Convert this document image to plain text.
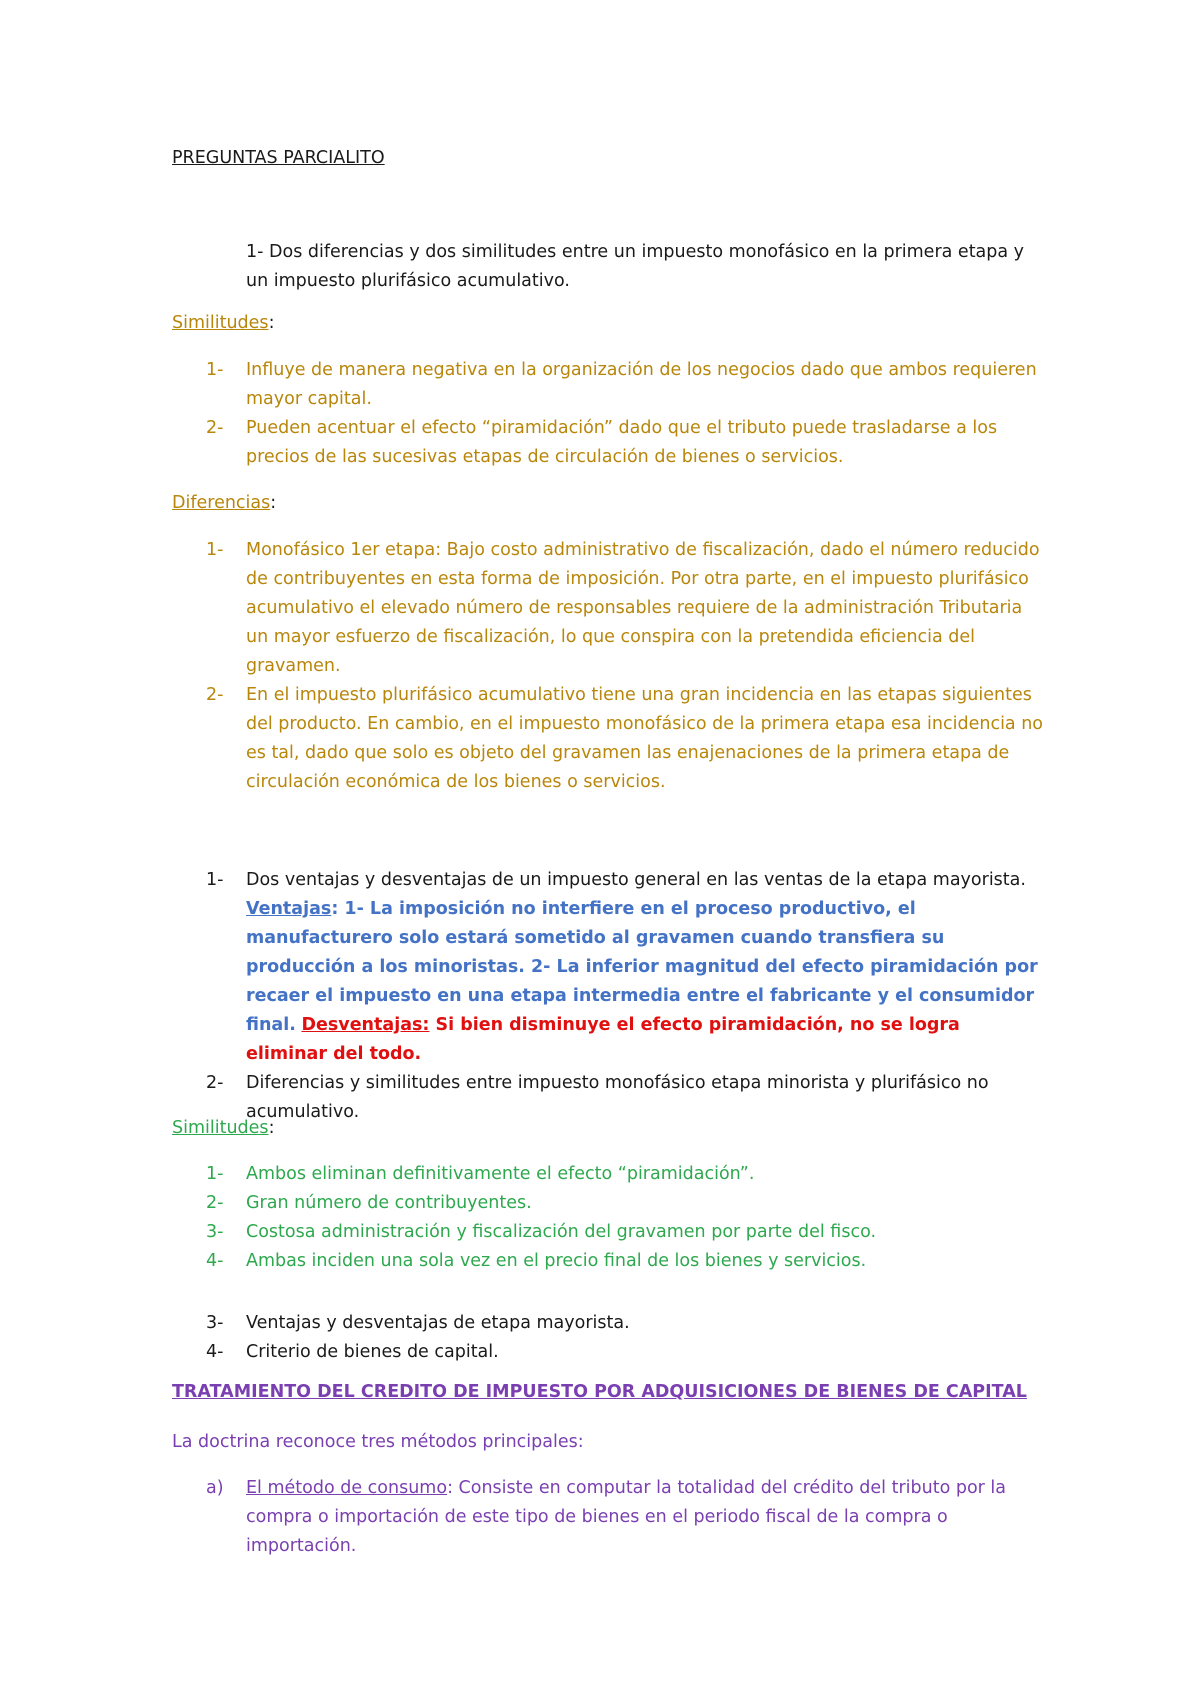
PREGUNTAS PARCIALITO

1- Dos diferencias y dos similitudes entre un impuesto monofásico en la primera etapa y un impuesto plurifásico acumulativo.

Similitudes:
1- Influye de manera negativa en la organización de los negocios dado que ambos requieren mayor capital.
2- Pueden acentuar el efecto “piramidación” dado que el tributo puede trasladarse a los precios de las sucesivas etapas de circulación de bienes o servicios.
Diferencias:
1- Monofásico 1er etapa: Bajo costo administrativo de fiscalización, dado el número reducido de contribuyentes en esta forma de imposición. Por otra parte, en el impuesto plurifásico acumulativo el elevado número de responsables requiere de la administración Tributaria un mayor esfuerzo de fiscalización, lo que conspira con la pretendida eficiencia del gravamen.
2- En el impuesto plurifásico acumulativo tiene una gran incidencia en las etapas siguientes del producto. En cambio, en el impuesto monofásico de la primera etapa esa incidencia no es tal, dado que solo es objeto del gravamen las enajenaciones de la primera etapa de circulación económica de los bienes o servicios.
1- Dos ventajas y desventajas de un impuesto general en las ventas de la etapa mayorista. Ventajas: 1- La imposición no interfiere en el proceso productivo, el manufacturero solo estará sometido al gravamen cuando transfiera su producción a los minoristas. 2- La inferior magnitud del efecto piramidación por recaer el impuesto en una etapa intermedia entre el fabricante y el consumidor final. Desventajas: Si bien disminuye el efecto piramidación, no se logra eliminar del todo.
2- Diferencias y similitudes entre impuesto monofásico etapa minorista y plurifásico no acumulativo.
Similitudes:
1- Ambos eliminan definitivamente el efecto “piramidación”.
2- Gran número de contribuyentes.
3- Costosa administración y fiscalización del gravamen por parte del fisco.
4- Ambas inciden una sola vez en el precio final de los bienes y servicios.
3- Ventajas y desventajas de etapa mayorista.
4- Criterio de bienes de capital.
TRATAMIENTO DEL CREDITO DE IMPUESTO POR ADQUISICIONES DE BIENES DE CAPITAL
La doctrina reconoce tres métodos principales:
a) El método de consumo: Consiste en computar la totalidad del crédito del tributo por la compra o importación de este tipo de bienes en el periodo fiscal de la compra o importación.
